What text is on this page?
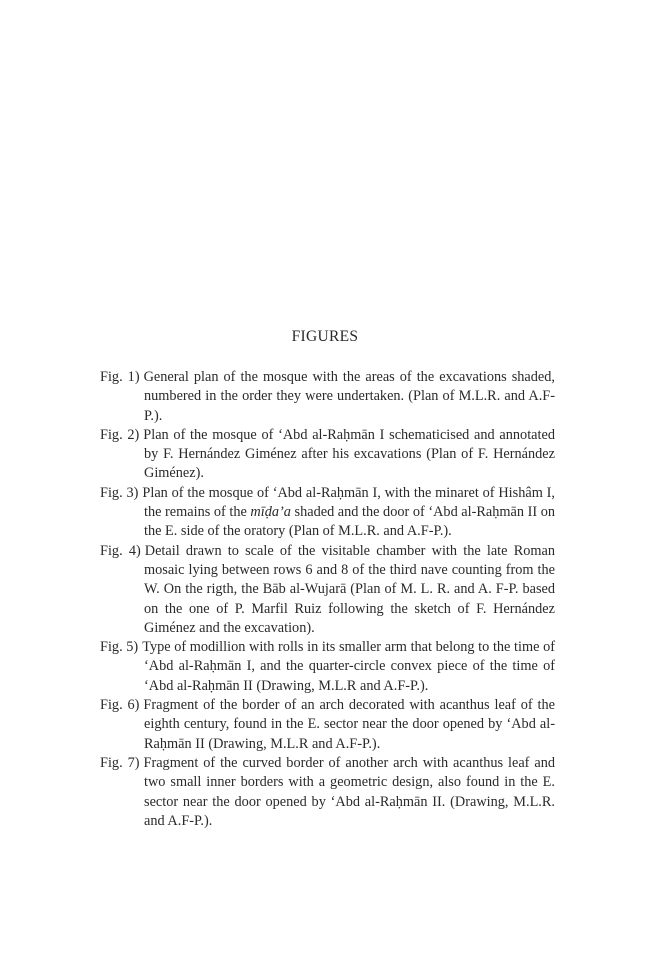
FIGURES
Fig. 1) General plan of the mosque with the areas of the excavations shaded, numbered in the order they were undertaken. (Plan of M.L.R. and A.F-P.).
Fig. 2) Plan of the mosque of ‘Abd al-Raḥmān I schematicised and annotated by F. Hernández Giménez after his excavations (Plan of F. Hernández Giménez).
Fig. 3) Plan of the mosque of ‘Abd al-Raḥmān I, with the minaret of Hishâm I, the remains of the mīḍa’a shaded and the door of ‘Abd al-Raḥmān II on the E. side of the oratory (Plan of M.L.R. and A.F-P.).
Fig. 4) Detail drawn to scale of the visitable chamber with the late Roman mosaic lying between rows 6 and 8 of the third nave counting from the W. On the rigth, the Bāb al-Wujarā (Plan of M. L. R. and A. F-P. based on the one of P. Marfil Ruiz following the sketch of F. Hernández Giménez and the excavation).
Fig. 5) Type of modillion with rolls in its smaller arm that belong to the time of ‘Abd al-Raḥmān I, and the quarter-circle convex piece of the time of ‘Abd al-Raḥmān II (Drawing, M.L.R and A.F-P.).
Fig. 6) Fragment of the border of an arch decorated with acanthus leaf of the eighth century, found in the E. sector near the door opened by ‘Abd al-Raḥmān II (Drawing, M.L.R and A.F-P.).
Fig. 7) Fragment of the curved border of another arch with acanthus leaf and two small inner borders with a geometric design, also found in the E. sector near the door opened by ‘Abd al-Raḥmān II. (Drawing, M.L.R. and A.F-P.).
